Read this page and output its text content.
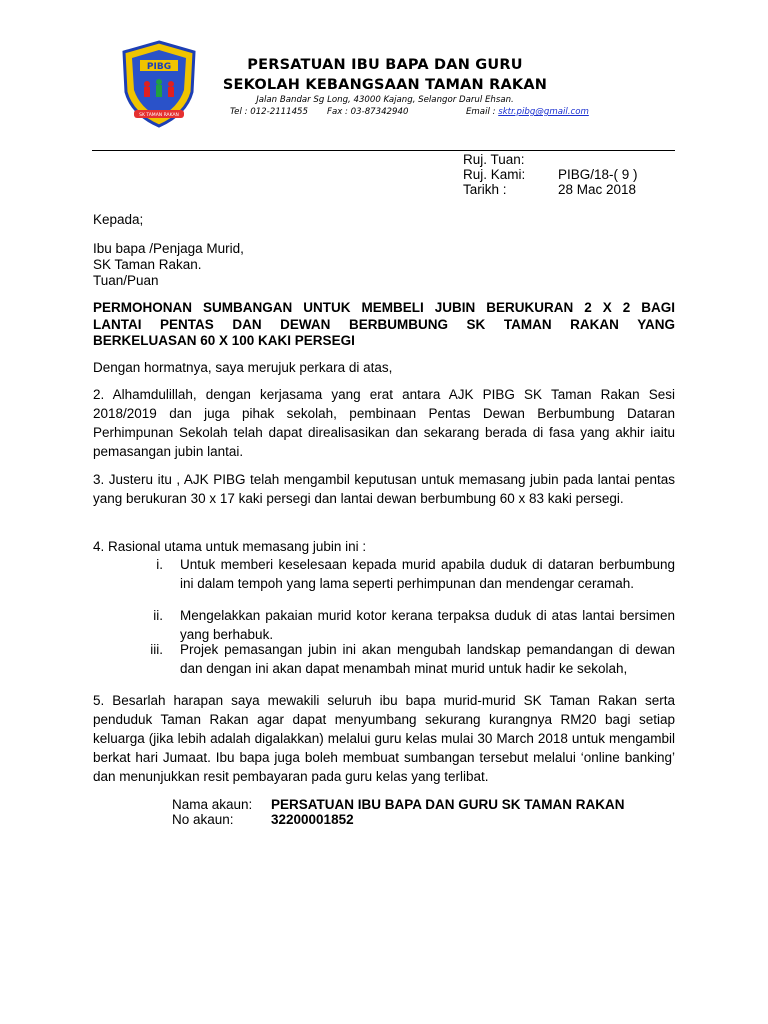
PIBG
SK TAMAN RAKAN
PERSATUAN IBU BAPA DAN GURU
SEKOLAH KEBANGSAAN TAMAN RAKAN
Jalan Bandar Sg Long, 43000 Kajang, Selangor Darul Ehsan.
Tel : 012-2111455 Fax : 03-87342940	Email : sktr.pibg@gmail.com
Ruj. Tuan:
Ruj. Kami: PIBG/18-( 9 )
Tarikh :	28 Mac 2018
Kepada;
Ibu bapa /Penjaga Murid,
SK Taman Rakan.
Tuan/Puan
PERMOHONAN SUMBANGAN UNTUK MEMBELI JUBIN BERUKURAN 2 X 2 BAGI
LANTAI PENTAS DAN DEWAN BERBUMBUNG SK TAMAN RAKAN YANG
BERKELUASAN 60 X 100 KAKI PERSEGI
Dengan hormatnya, saya merujuk perkara di atas,
2. Alhamdulillah, dengan kerjasama yang erat antara AJK PIBG SK Taman Rakan Sesi 2018/2019 dan juga pihak sekolah, pembinaan Pentas Dewan Berbumbung Dataran Perhimpunan Sekolah telah dapat direalisasikan dan sekarang berada di fasa yang akhir iaitu pemasangan jubin lantai.
3. Justeru itu , AJK PIBG telah mengambil keputusan untuk memasang jubin pada lantai pentas yang berukuran 30 x 17 kaki persegi dan lantai dewan berbumbung 60 x 83 kaki persegi.
4. Rasional utama untuk memasang jubin ini :
i. Untuk memberi keselesaan kepada murid apabila duduk di dataran berbumbung ini dalam tempoh yang lama seperti perhimpunan dan mendengar ceramah.
ii. Mengelakkan pakaian murid kotor kerana terpaksa duduk di atas lantai bersimen yang berhabuk.
iii. Projek pemasangan jubin ini akan mengubah landskap pemandangan di dewan dan dengan ini akan dapat menambah minat murid untuk hadir ke sekolah,
5. Besarlah harapan saya mewakili seluruh ibu bapa murid-murid SK Taman Rakan serta penduduk Taman Rakan agar dapat menyumbang sekurang kurangnya RM20 bagi setiap keluarga (jika lebih adalah digalakkan) melalui guru kelas mulai 30 March 2018 untuk mengambil berkat hari Jumaat. Ibu bapa juga boleh membuat sumbangan tersebut melalui ‘online banking’ dan menunjukkan resit pembayaran pada guru kelas yang terlibat.
Nama akaun: PERSATUAN IBU BAPA DAN GURU SK TAMAN RAKAN
No akaun:	32200001852
